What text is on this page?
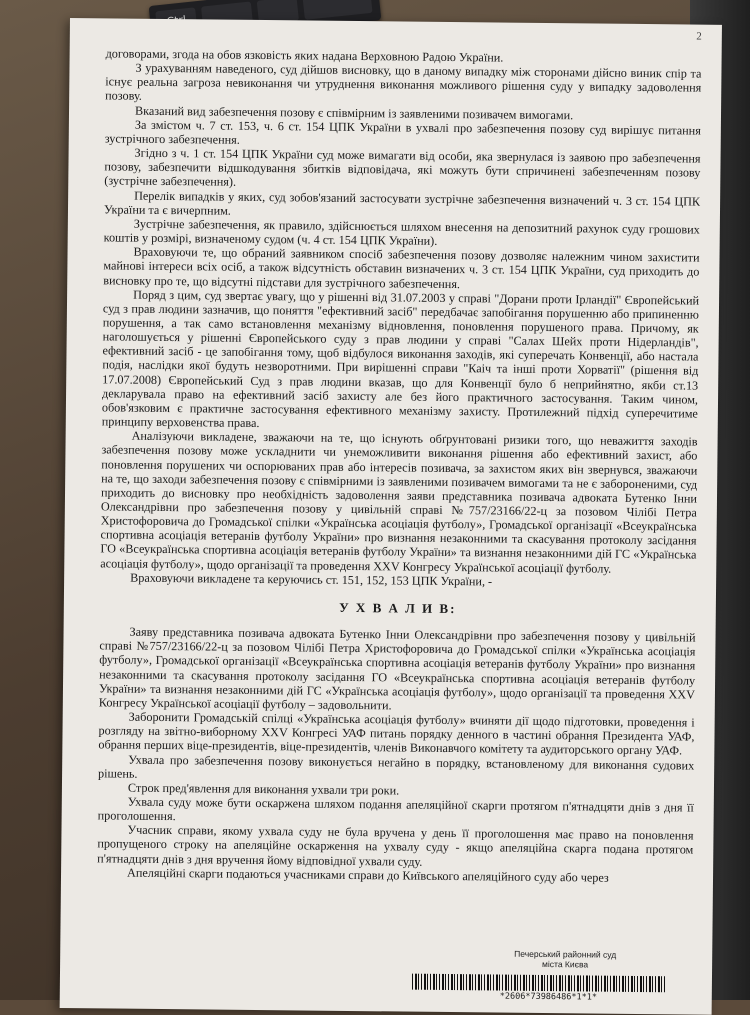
2

договорами, згода на обов язковість яких надана Верховною Радою України.

З урахуванням наведеного, суд дійшов висновку, що в даному випадку між сторонами дійсно виник спір та існує реальна загроза невиконання чи утруднення виконання можливого рішення суду у випадку задоволення позову.

Вказаний вид забезпечення позову є співмірним із заявленими позивачем вимогами.

За змістом ч. 7 ст. 153, ч. 6 ст. 154 ЦПК України в ухвалі про забезпечення позову суд вирішує питання зустрічного забезпечення.

Згідно з ч. 1 ст. 154 ЦПК України суд може вимагати від особи, яка звернулася із заявою про забезпечення позову, забезпечити відшкодування збитків відповідача, які можуть бути спричинені забезпеченням позову (зустрічне забезпечення).

Перелік випадків у яких, суд зобов'язаний застосувати зустрічне забезпечення визначений ч. 3 ст. 154 ЦПК України та є вичерпним.

Зустрічне забезпечення, як правило, здійснюється шляхом внесення на депозитний рахунок суду грошових коштів у розмірі, визначеному судом (ч. 4 ст. 154 ЦПК України).

Враховуючи те, що обраний заявником спосіб забезпечення позову дозволяє належним чином захистити майнові інтереси всіх осіб, а також відсутність обставин визначених ч. 3 ст. 154 ЦПК України, суд приходить до висновку про те, що відсутні підстави для зустрічного забезпечення.

Поряд з цим, суд звертає увагу, що у рішенні від 31.07.2003 у справі "Дорани проти Ірландії" Європейський суд з прав людини зазначив, що поняття "ефективний засіб" передбачає запобігання порушенню або припиненню порушення, а так само встановлення механізму відновлення, поновлення порушеного права. Причому, як наголошується у рішенні Європейського суду з прав людини у справі "Салах Шейх проти Нідерландів", ефективний засіб - це запобігання тому, щоб відбулося виконання заходів, які суперечать Конвенції, або настала подія, наслідки якої будуть незворотними. При вирішенні справи "Каіч та інші проти Хорватії" (рішення від 17.07.2008) Європейський Суд з прав людини вказав, що для Конвенції було б неприйнятно, якби ст.13 декларувала право на ефективний засіб захисту але без його практичного застосування. Таким чином, обов'язковим є практичне застосування ефективного механізму захисту. Протилежний підхід суперечитиме принципу верховенства права.

Аналізуючи викладене, зважаючи на те, що існують обґрунтовані ризики того, що неважиття заходів забезпечення позову може ускладнити чи унеможливити виконання рішення або ефективний захист, або поновлення порушених чи оспорюваних прав або інтересів позивача, за захистом яких він звернувся, зважаючи на те, що заходи забезпечення позову є співмірними із заявленими позивачем вимогами та не є забороненими, суд приходить до висновку про необхідність задоволення заяви представника позивача адвоката Бутенко Інни Олександрівни про забезпечення позову у цивільній справі №757/23166/22-ц за позовом Чілібі Петра Христофоровича до Громадської спілки «Українська асоціація футболу», Громадської організації «Всеукраїнська спортивна асоціація ветеранів футболу України» про визнання незаконними та скасування протоколу засідання ГО «Всеукраїнська спортивна асоціація ветеранів футболу України» та визнання незаконними дій ГС «Українська асоціація футболу», щодо організації та проведення XXV Конгресу Української асоціації футболу.

Враховуючи викладене та керуючись ст. 151, 152, 153 ЦПК України, -

У Х В А Л И В:

Заяву представника позивача адвоката Бутенко Інни Олександрівни про забезпечення позову у цивільній справі №757/23166/22-ц за позовом Чілібі Петра Христофоровича до Громадської спілки «Українська асоціація футболу», Громадської організації «Всеукраїнська спортивна асоціація ветеранів футболу України» про визнання незаконними та скасування протоколу засідання ГО «Всеукраїнська спортивна асоціація ветеранів футболу України» та визнання незаконними дій ГС «Українська асоціація футболу», щодо організації та проведення XXV Конгресу Української асоціації футболу – задовольнити.

Заборонити Громадській спілці «Українська асоціація футболу» вчиняти дії щодо підготовки, проведення і розгляду на звітно-виборному XXV Конгресі УАФ питань порядку денного в частині обрання Президента УАФ, обрання перших віце-президентів, віце-президентів, членів Виконавчого комітету та аудиторського органу УАФ.

Ухвала про забезпечення позову виконується негайно в порядку, встановленому для виконання судових рішень.

Строк пред'явлення для виконання ухвали три роки.

Ухвала суду може бути оскаржена шляхом подання апеляційної скарги протягом п'ятнадцяти днів з дня її проголошення.

Учасник справи, якому ухвала суду не була вручена у день її проголошення має право на поновлення пропущеного строку на апеляційне оскарження на ухвалу суду - якщо апеляційна скарга подана протягом п'ятнадцяти днів з дня вручення йому відповідної ухвали суду.

Апеляційні скарги подаються учасниками справи до Київського апеляційного суду або через

Печерський районний суд
міста Києва
*2606*73986486*1*1*
